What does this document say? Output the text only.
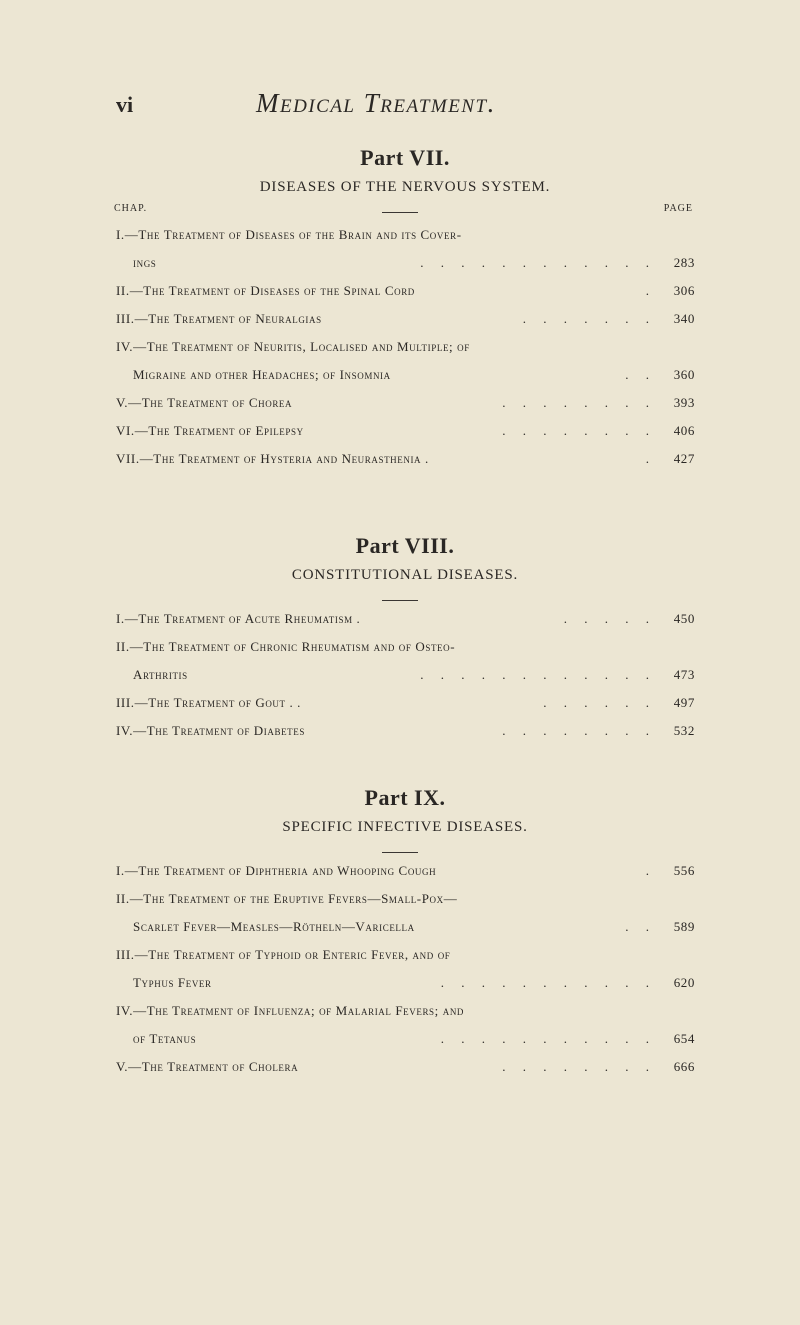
vi	Medical Treatment.
Part VII.
DISEASES OF THE NERVOUS SYSTEM.
CHAP.	PAGE
I.—The Treatment of Diseases of the Brain and its Cover-
ings	. . . . . . . . . . . .	283
II.—The Treatment of Diseases of the Spinal Cord	.	306
III.—The Treatment of Neuralgias	. . . . . . .	340
IV.—The Treatment of Neuritis, Localised and Multiple; of
Migraine and other Headaches; of Insomnia	. .	360
V.—The Treatment of Chorea	. . . . . . . .	393
VI.—The Treatment of Epilepsy	. . . . . . . .	406
VII.—The Treatment of Hysteria and Neurasthenia .	.	427
Part VIII.
CONSTITUTIONAL DISEASES.
I.—The Treatment of Acute Rheumatism .	. . . . .	450
II.—The Treatment of Chronic Rheumatism and of Osteo-
Arthritis	. . . . . . . . . . . .	473
III.—The Treatment of Gout . .	. . . . . .	497
IV.—The Treatment of Diabetes	. . . . . . . .	532
Part IX.
SPECIFIC INFECTIVE DISEASES.
I.—The Treatment of Diphtheria and Whooping Cough	.	556
II.—The Treatment of the Eruptive Fevers—Small-Pox—
Scarlet Fever—Measles—Rötheln—Varicella	. .	589
III.—The Treatment of Typhoid or Enteric Fever, and of
Typhus Fever	. . . . . . . . . . .	620
IV.—The Treatment of Influenza; of Malarial Fevers; and
of Tetanus	. . . . . . . . . . .	654
V.—The Treatment of Cholera	. . . . . . . .	666
